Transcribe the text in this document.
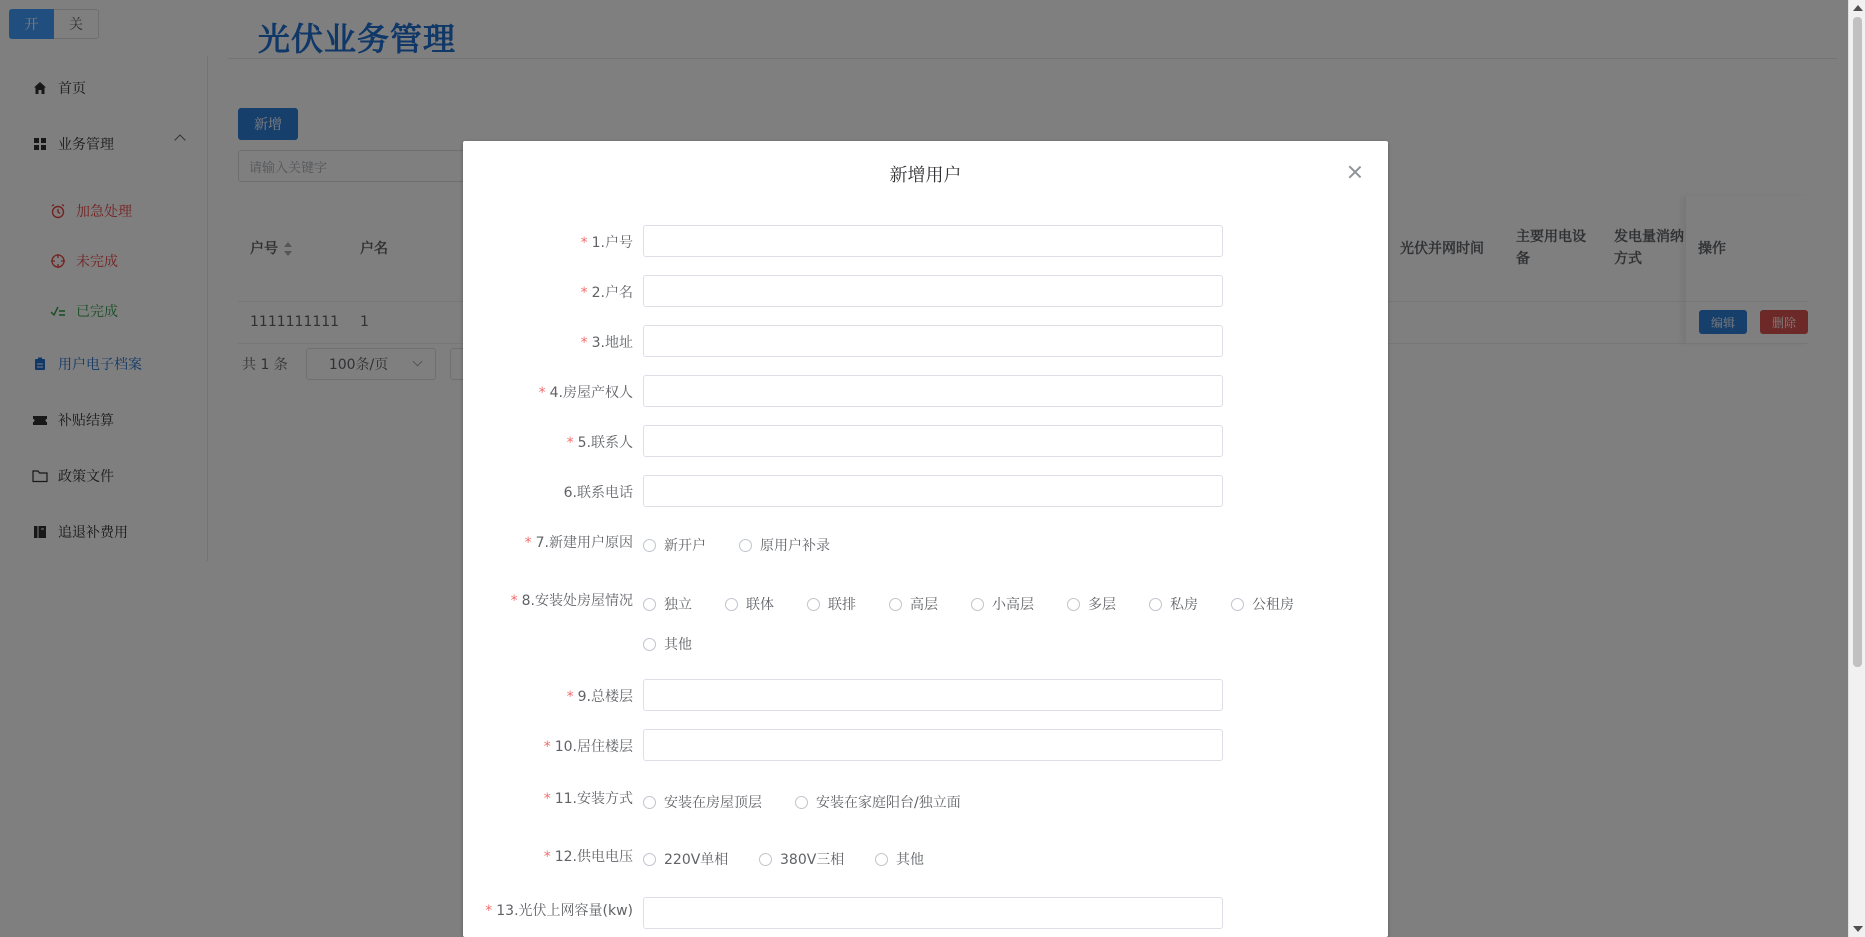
新增用户
* 1.户号
* 2.户名
* 3.地址
* 4.房屋产权人
* 5.联系人
6.联系电话
* 7.新建用户原因 新开户	原用户补录
* 8.安装处房屋情况 独立	联体	联排	高层	小高层	多层	私房	公租房
其他
* 9.总楼层
* 10.居住楼层
* 11.安装方式 安装在房屋顶层	安装在家庭阳台/独立面
* 12.供电电压 220V单相	380V三相	其他
* 13.光伏上网容量(kw)
